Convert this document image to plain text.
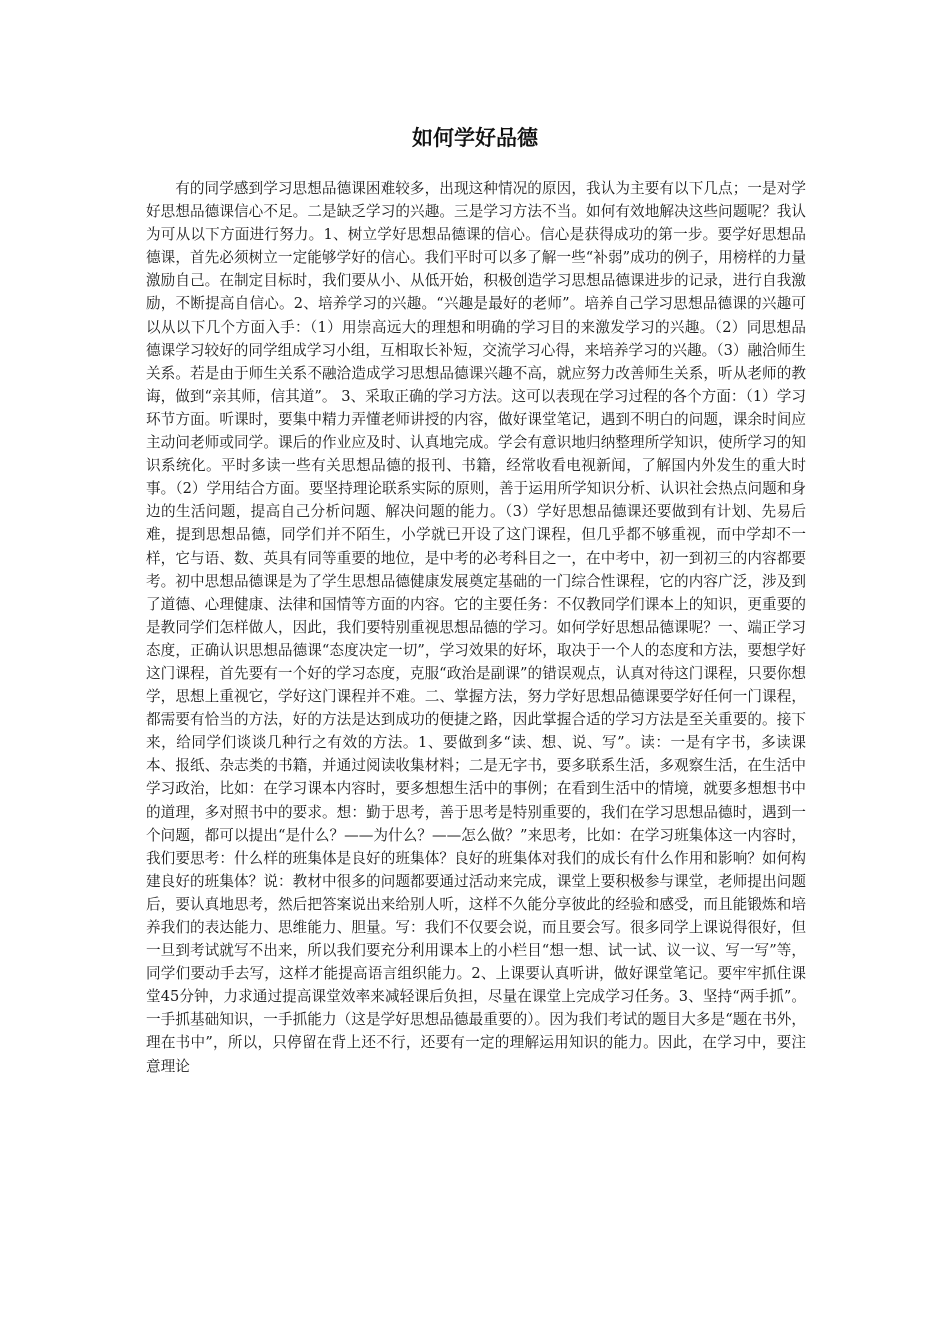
如何学好品德

有的同学感到学习思想品德课困难较多，出现这种情况的原因，我认为主要有以下几点；一是对学好思想品德课信心不足。二是缺乏学习的兴趣。三是学习方法不当。如何有效地解决这些问题呢？我认为可从以下方面进行努力。1、树立学好思想品德课的信心。信心是获得成功的第一步。要学好思想品德课，首先必须树立一定能够学好的信心。我们平时可以多了解一些“补弱”成功的例子，用榜样的力量激励自己。在制定目标时，我们要从小、从低开始，积极创造学习思想品德课进步的记录，进行自我激励，不断提高自信心。2、培养学习的兴趣。“兴趣是最好的老师”。培养自己学习思想品德课的兴趣可以从以下几个方面入手：（1）用崇高远大的理想和明确的学习目的来激发学习的兴趣。（2）同思想品德课学习较好的同学组成学习小组，互相取长补短，交流学习心得，来培养学习的兴趣。（3）融洽师生关系。若是由于师生关系不融洽造成学习思想品德课兴趣不高，就应努力改善师生关系，听从老师的教诲，做到“亲其师，信其道”。 3、采取正确的学习方法。这可以表现在学习过程的各个方面：（1）学习环节方面。听课时，要集中精力弄懂老师讲授的内容，做好课堂笔记，遇到不明白的问题，课余时间应主动问老师或同学。课后的作业应及时、认真地完成。学会有意识地归纳整理所学知识，使所学习的知识系统化。平时多读一些有关思想品德的报刊、书籍，经常收看电视新闻，了解国内外发生的重大时事。（2）学用结合方面。要坚持理论联系实际的原则，善于运用所学知识分析、认识社会热点问题和身边的生活问题，提高自己分析问题、解决问题的能力。（3）学好思想品德课还要做到有计划、先易后难，提到思想品德，同学们并不陌生，小学就已开设了这门课程，但几乎都不够重视，而中学却不一样，它与语、数、英具有同等重要的地位，是中考的必考科目之一，在中考中，初一到初三的内容都要考。初中思想品德课是为了学生思想品德健康发展奠定基础的一门综合性课程，它的内容广泛，涉及到了道德、心理健康、法律和国情等方面的内容。它的主要任务：不仅教同学们课本上的知识，更重要的是教同学们怎样做人，因此，我们要特别重视思想品德的学习。如何学好思想品德课呢？一、端正学习态度，正确认识思想品德课“态度决定一切”，学习效果的好坏，取决于一个人的态度和方法，要想学好这门课程，首先要有一个好的学习态度，克服“政治是副课”的错误观点，认真对待这门课程，只要你想学，思想上重视它，学好这门课程并不难。二、掌握方法，努力学好思想品德课要学好任何一门课程，都需要有恰当的方法，好的方法是达到成功的便捷之路，因此掌握合适的学习方法是至关重要的。接下来，给同学们谈谈几种行之有效的方法。1、要做到多“读、想、说、写”。读：一是有字书，多读课本、报纸、杂志类的书籍，并通过阅读收集材料；二是无字书，要多联系生活，多观察生活，在生活中学习政治，比如：在学习课本内容时，要多想想生活中的事例；在看到生活中的情境，就要多想想书中的道理，多对照书中的要求。想：勤于思考，善于思考是特别重要的，我们在学习思想品德时，遇到一个问题，都可以提出“是什么？——为什么？——怎么做？”来思考，比如：在学习班集体这一内容时，我们要思考：什么样的班集体是良好的班集体？良好的班集体对我们的成长有什么作用和影响？如何构建良好的班集体？说：教材中很多的问题都要通过活动来完成，课堂上要积极参与课堂，老师提出问题后，要认真地思考，然后把答案说出来给别人听，这样不久能分享彼此的经验和感受，而且能锻炼和培养我们的表达能力、思维能力、胆量。写：我们不仅要会说，而且要会写。很多同学上课说得很好，但一旦到考试就写不出来，所以我们要充分利用课本上的小栏目“想一想、试一试、议一议、写一写”等，同学们要动手去写，这样才能提高语言组织能力。2、上课要认真听讲，做好课堂笔记。要牢牢抓住课堂45分钟，力求通过提高课堂效率来减轻课后负担，尽量在课堂上完成学习任务。3、坚持“两手抓”。一手抓基础知识，一手抓能力（这是学好思想品德最重要的）。因为我们考试的题目大多是“题在书外，理在书中”，所以，只停留在背上还不行，还要有一定的理解运用知识的能力。因此，在学习中，要注意理论
